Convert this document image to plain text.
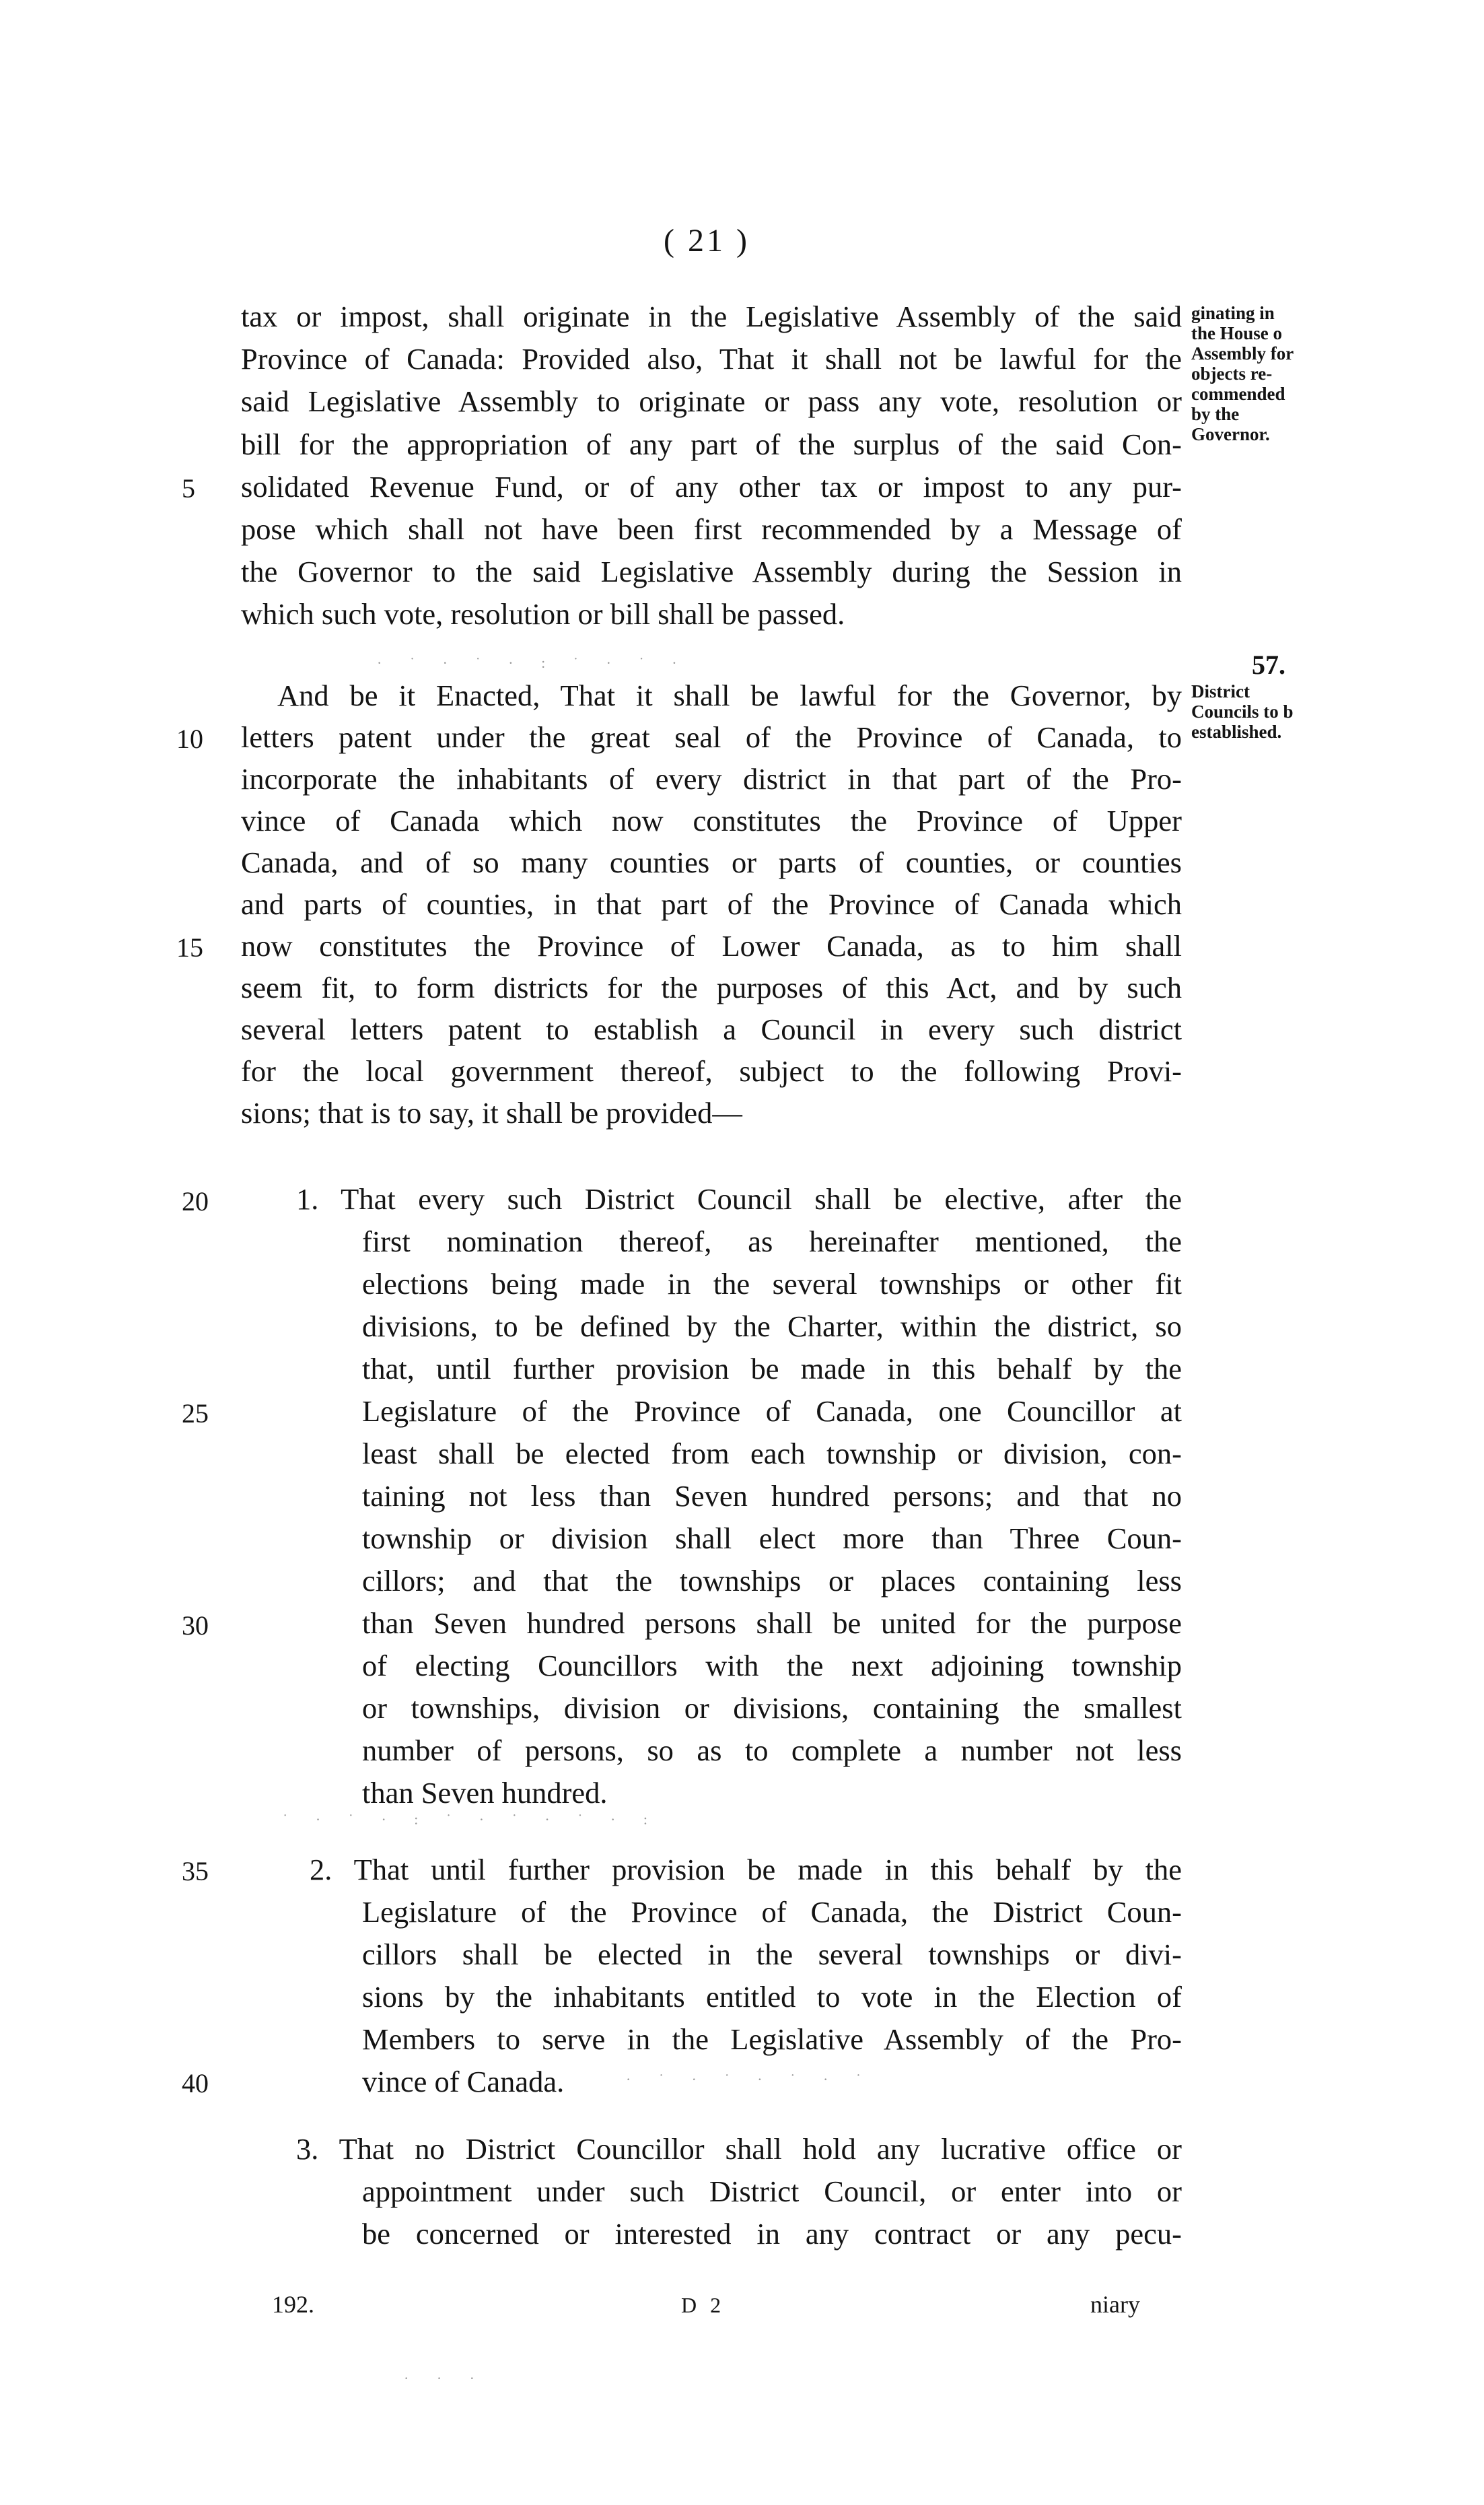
( 21 )
tax or impost, shall originate in the Legislative Assembly of the said
Province of Canada: Provided also, That it shall not be lawful for the
said Legislative Assembly to originate or pass any vote, resolution or
bill for the appropriation of any part of the surplus of the said Con-
solidated Revenue Fund, or of any other tax or impost to any pur-
pose which shall not have been first recommended by a Message of
the Governor to the said Legislative Assembly during the Session in
which such vote, resolution or bill shall be passed.
And be it Enacted, That it shall be lawful for the Governor, by
letters patent under the great seal of the Province of Canada, to
incorporate the inhabitants of every district in that part of the Pro-
vince of Canada which now constitutes the Province of Upper
Canada, and of so many counties or parts of counties, or counties
and parts of counties, in that part of the Province of Canada which
now constitutes the Province of Lower Canada, as to him shall
seem fit, to form districts for the purposes of this Act, and by such
several letters patent to establish a Council in every such district
for the local government thereof, subject to the following Provi-
sions; that is to say, it shall be provided—
1. That every such District Council shall be elective, after the
first nomination thereof, as hereinafter mentioned, the
elections being made in the several townships or other fit
divisions, to be defined by the Charter, within the district, so
that, until further provision be made in this behalf by the
Legislature of the Province of Canada, one Councillor at
least shall be elected from each township or division, con-
taining not less than Seven hundred persons; and that no
township or division shall elect more than Three Coun-
cillors; and that the townships or places containing less
than Seven hundred persons shall be united for the purpose
of electing Councillors with the next adjoining township
or townships, division or divisions, containing the smallest
number of persons, so as to complete a number not less
than Seven hundred.
2. That until further provision be made in this behalf by the
Legislature of the Province of Canada, the District Coun-
cillors shall be elected in the several townships or divi-
sions by the inhabitants entitled to vote in the Election of
Members to serve in the Legislative Assembly of the Pro-
vince of Canada.
3. That no District Councillor shall hold any lucrative office or
appointment under such District Council, or enter into or
be concerned or interested in any contract or any pecu-
5
10
15
20
25
30
35
40
ginating in
the House o
Assembly for
objects re-
commended
by the
Governor.
57.
District
Councils to b
established.
192.	D 2	niary
· ˙ · ˙ · : ˙ · ˙ ·
˙ · ˙ · : ˙ · ˙ · ˙ · :
· ˙ · ˙ · ˙ · ˙
· · ·
